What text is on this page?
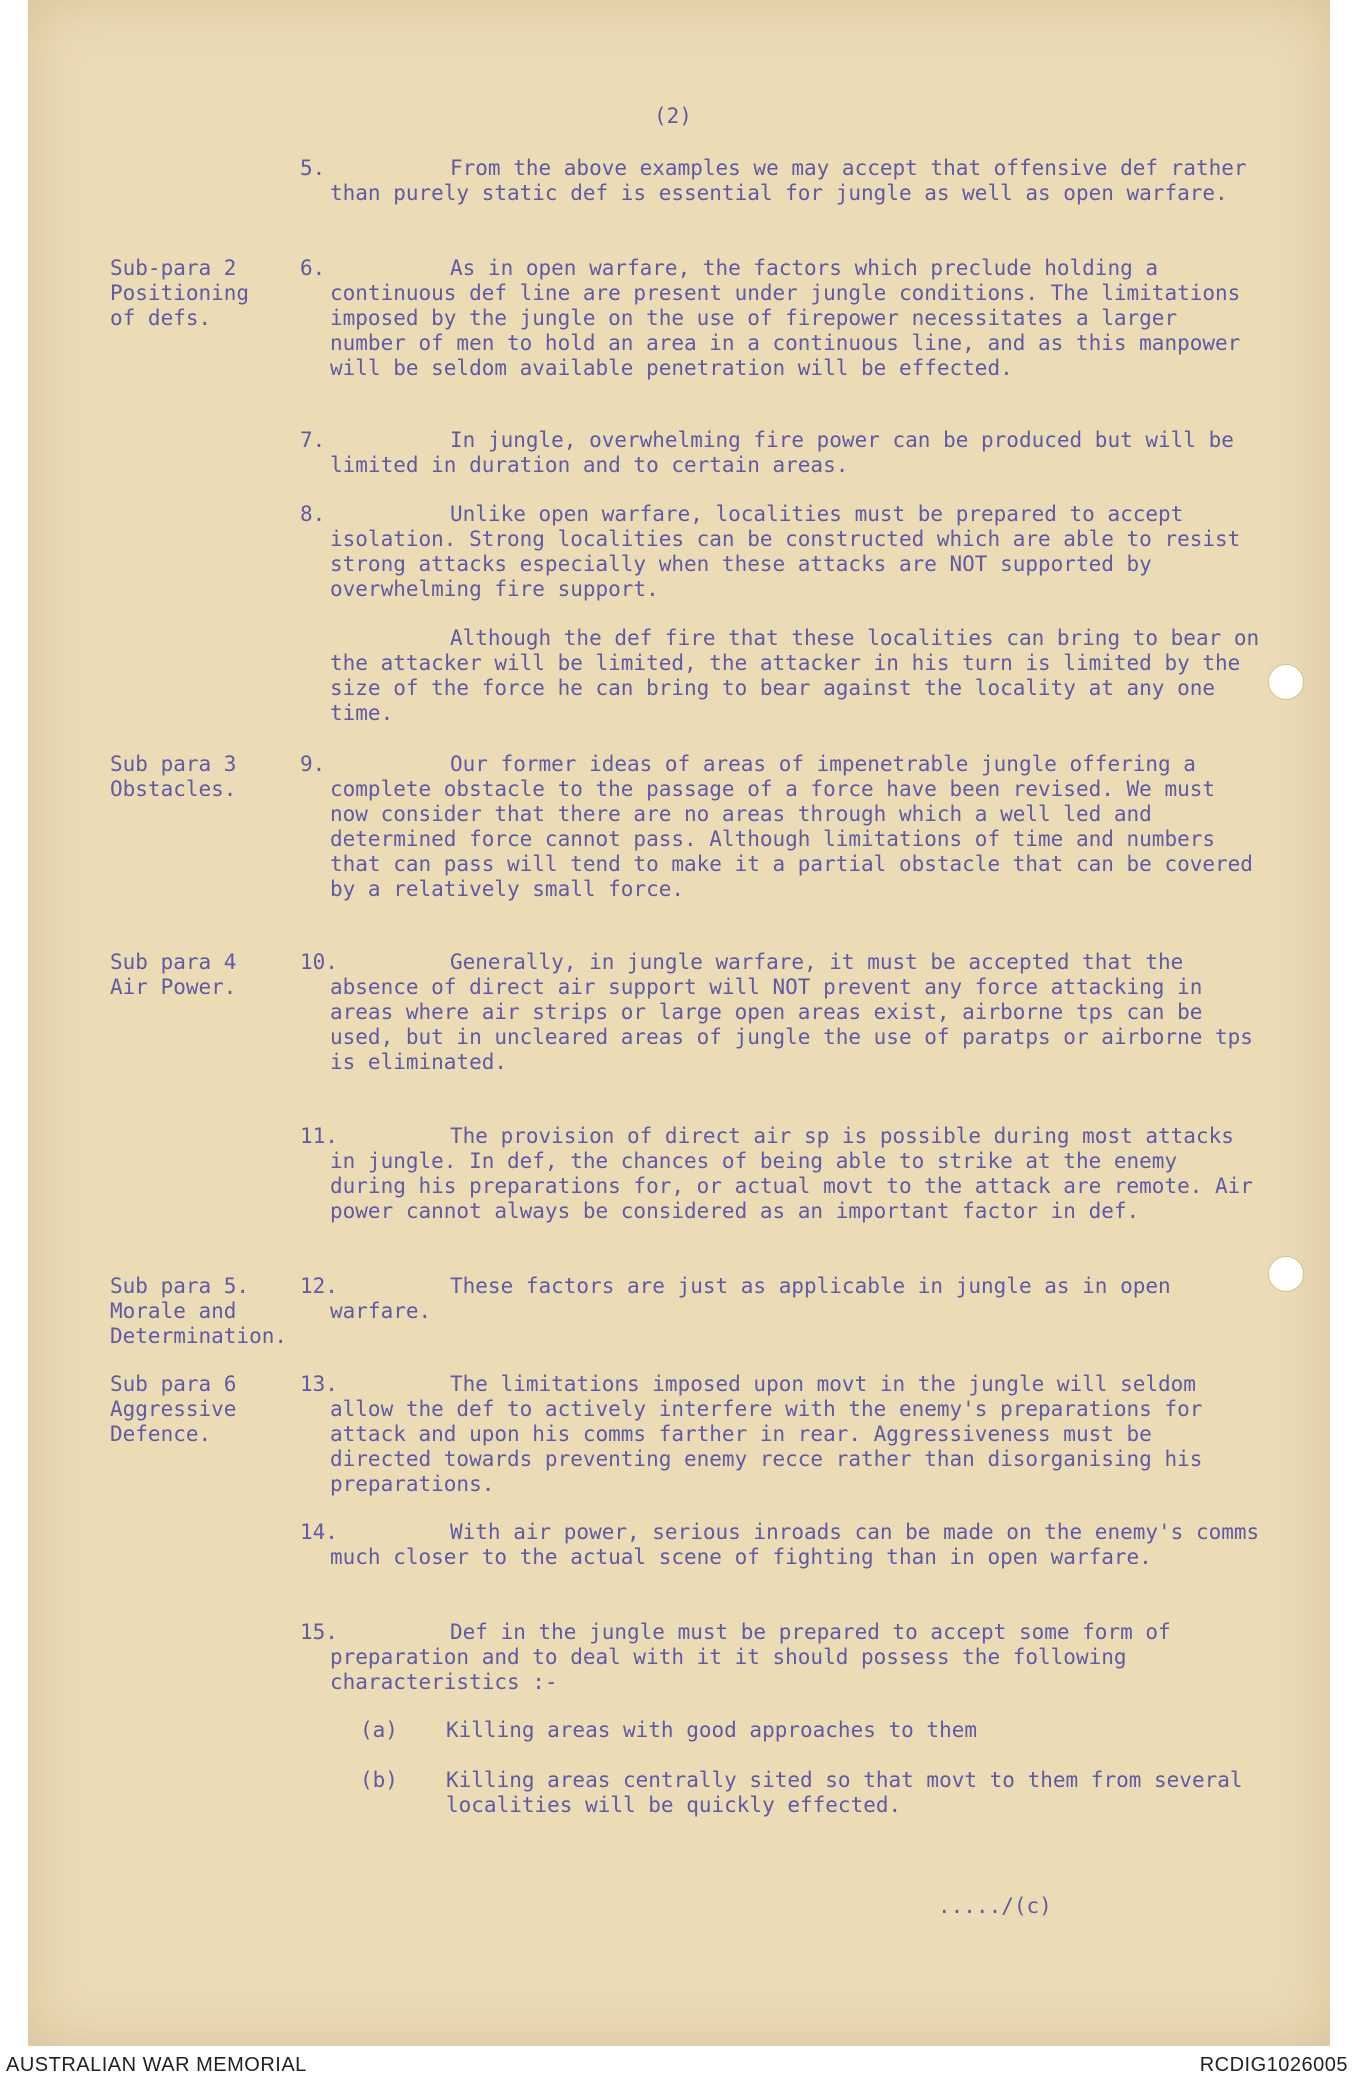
(2)
5.	From the above examples we may accept that offensive def rather than purely static def is essential for jungle as well as open warfare.
Sub-para 2
Positioning
of defs.
6.	As in open warfare, the factors which preclude holding a continuous def line are present under jungle conditions. The limitations imposed by the jungle on the use of firepower necessitates a larger number of men to hold an area in a continuous line, and as this manpower will be seldom available penetration will be effected.
7.	In jungle, overwhelming fire power can be produced but will be limited in duration and to certain areas.
8.	Unlike open warfare, localities must be prepared to accept isolation. Strong localities can be constructed which are able to resist strong attacks especially when these attacks are NOT supported by overwhelming fire support.
Although the def fire that these localities can bring to bear on the attacker will be limited, the attacker in his turn is limited by the size of the force he can bring to bear against the locality at any one time.
Sub para 3
Obstacles.
9.	Our former ideas of areas of impenetrable jungle offering a complete obstacle to the passage of a force have been revised. We must now consider that there are no areas through which a well led and determined force cannot pass. Although limitations of time and numbers that can pass will tend to make it a partial obstacle that can be covered by a relatively small force.
Sub para 4
Air Power.
10.	Generally, in jungle warfare, it must be accepted that the absence of direct air support will NOT prevent any force attacking in areas where air strips or large open areas exist, airborne tps can be used, but in uncleared areas of jungle the use of paratps or airborne tps is eliminated.
11.	The provision of direct air sp is possible during most attacks in jungle. In def, the chances of being able to strike at the enemy during his preparations for, or actual movt to the attack are remote. Air power cannot always be considered as an important factor in def.
Sub para 5.
Morale and
Determination.
12.	These factors are just as applicable in jungle as in open warfare.
Sub para 6
Aggressive
Defence.
13.	The limitations imposed upon movt in the jungle will seldom allow the def to actively interfere with the enemy's preparations for attack and upon his comms farther in rear. Aggressiveness must be directed towards preventing enemy recce rather than disorganising his preparations.
14.	With air power, serious inroads can be made on the enemy's comms much closer to the actual scene of fighting than in open warfare.
15.	Def in the jungle must be prepared to accept some form of preparation and to deal with it it should possess the following characteristics :-
(a) Killing areas with good approaches to them
(b) Killing areas centrally sited so that movt to them from several localities will be quickly effected.
...../(c)
AUSTRALIAN WAR MEMORIAL	RCDIG1026005
